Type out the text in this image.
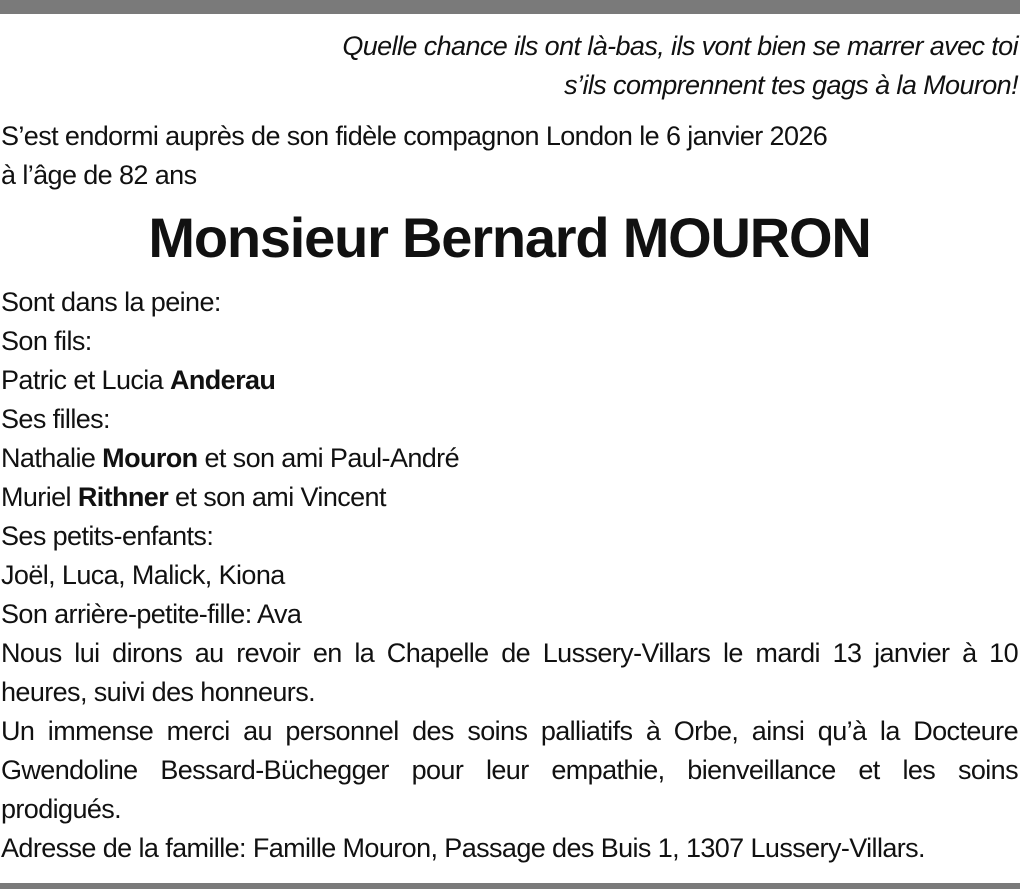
Quelle chance ils ont là-bas, ils vont bien se marrer avec toi
s’ils comprennent tes gags à la Mouron!
S’est endormi auprès de son fidèle compagnon London le 6 janvier 2026
à l’âge de 82 ans
Monsieur Bernard MOURON
Sont dans la peine:
Son fils:
Patric et Lucia Anderau
Ses filles:
Nathalie Mouron et son ami Paul-André
Muriel Rithner et son ami Vincent
Ses petits-enfants:
Joël, Luca, Malick, Kiona
Son arrière-petite-fille: Ava
Nous lui dirons au revoir en la Chapelle de Lussery-Villars le mardi 13 janvier à 10 heures, suivi des honneurs.
Un immense merci au personnel des soins palliatifs à Orbe, ainsi qu’à la Docteure Gwendoline Bessard-Büchegger pour leur empathie, bienveillance et les soins prodigués.
Adresse de la famille: Famille Mouron, Passage des Buis 1, 1307 Lussery-Villars.
